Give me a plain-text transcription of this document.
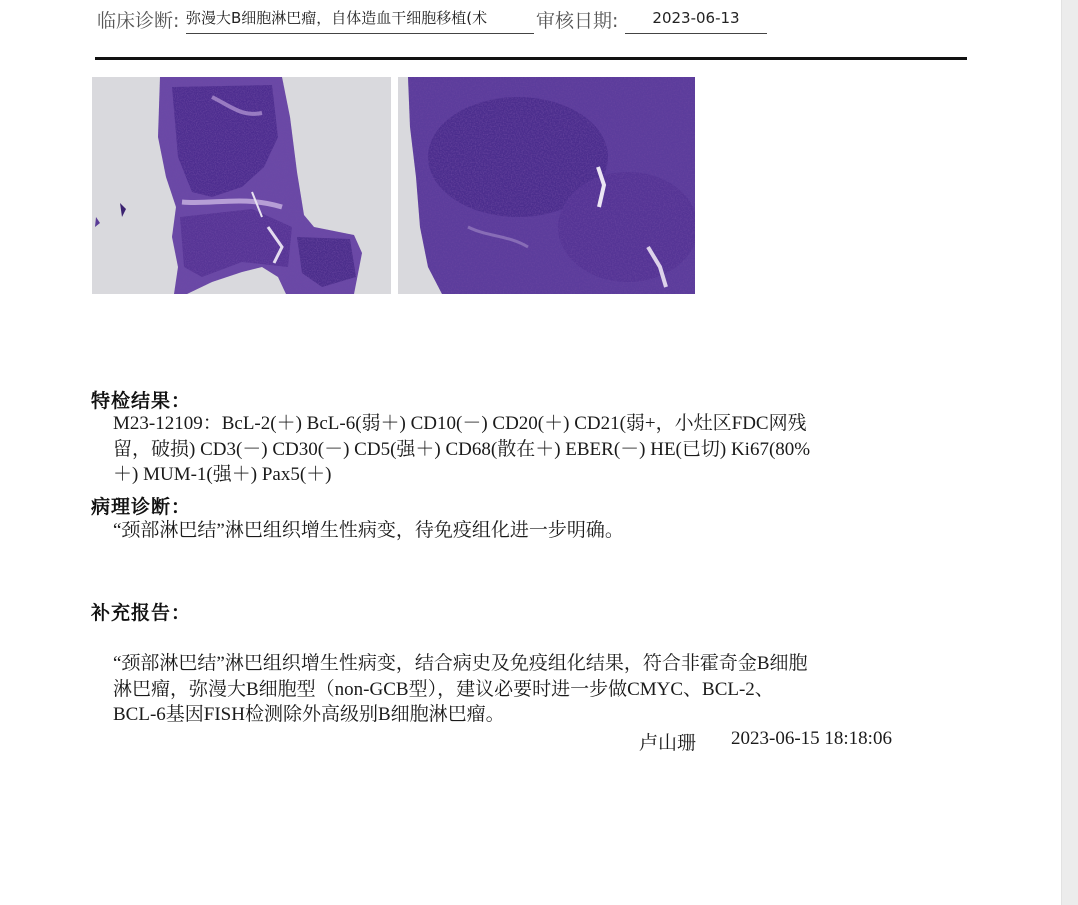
临床诊断: 弥漫大B细胞淋巴瘤，自体造血干细胞移植(术	审核日期:	2023-06-13
特检结果：
M23-12109：BcL-2(＋) BcL-6(弱＋) CD10(－) CD20(＋) CD21(弱+，小灶区FDC网残
留，破损) CD3(－) CD30(－) CD5(强＋) CD68(散在＋) EBER(－) HE(已切) Ki67(80%
＋) MUM-1(强＋) Pax5(＋)
病理诊断：
“颈部淋巴结”淋巴组织增生性病变，待免疫组化进一步明确。
补充报告：
“颈部淋巴结”淋巴组织增生性病变，结合病史及免疫组化结果，符合非霍奇金B细胞
淋巴瘤，弥漫大B细胞型（non-GCB型），建议必要时进一步做CMYC、BCL-2、
BCL-6基因FISH检测除外高级别B细胞淋巴瘤。
卢山珊 2023-06-15 18:18:06
